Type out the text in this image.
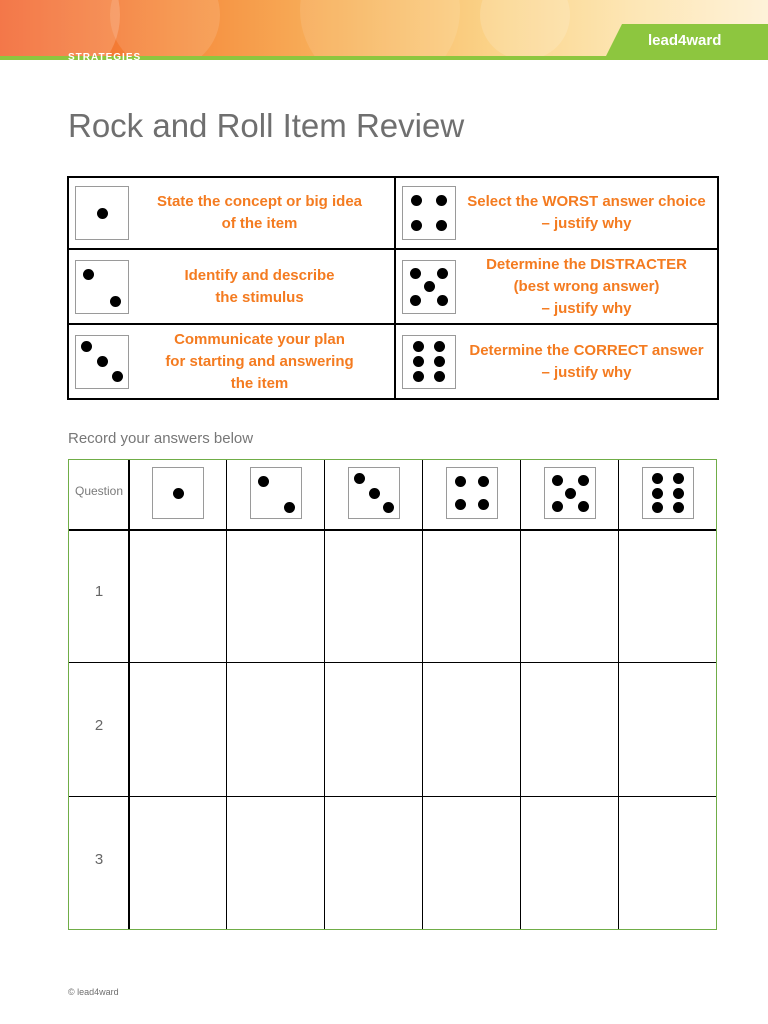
STRATEGIES
lead4ward
Rock and Roll Item Review
State the concept or big idea
of the item
Identify and describe
the stimulus
Communicate your plan
for starting and answering
the item
Select the WORST answer choice
– justify why
Determine the DISTRACTER
(best wrong answer)
– justify why
Determine the CORRECT answer
– justify why
Record your answers below
Question
1
2
3
© lead4ward
